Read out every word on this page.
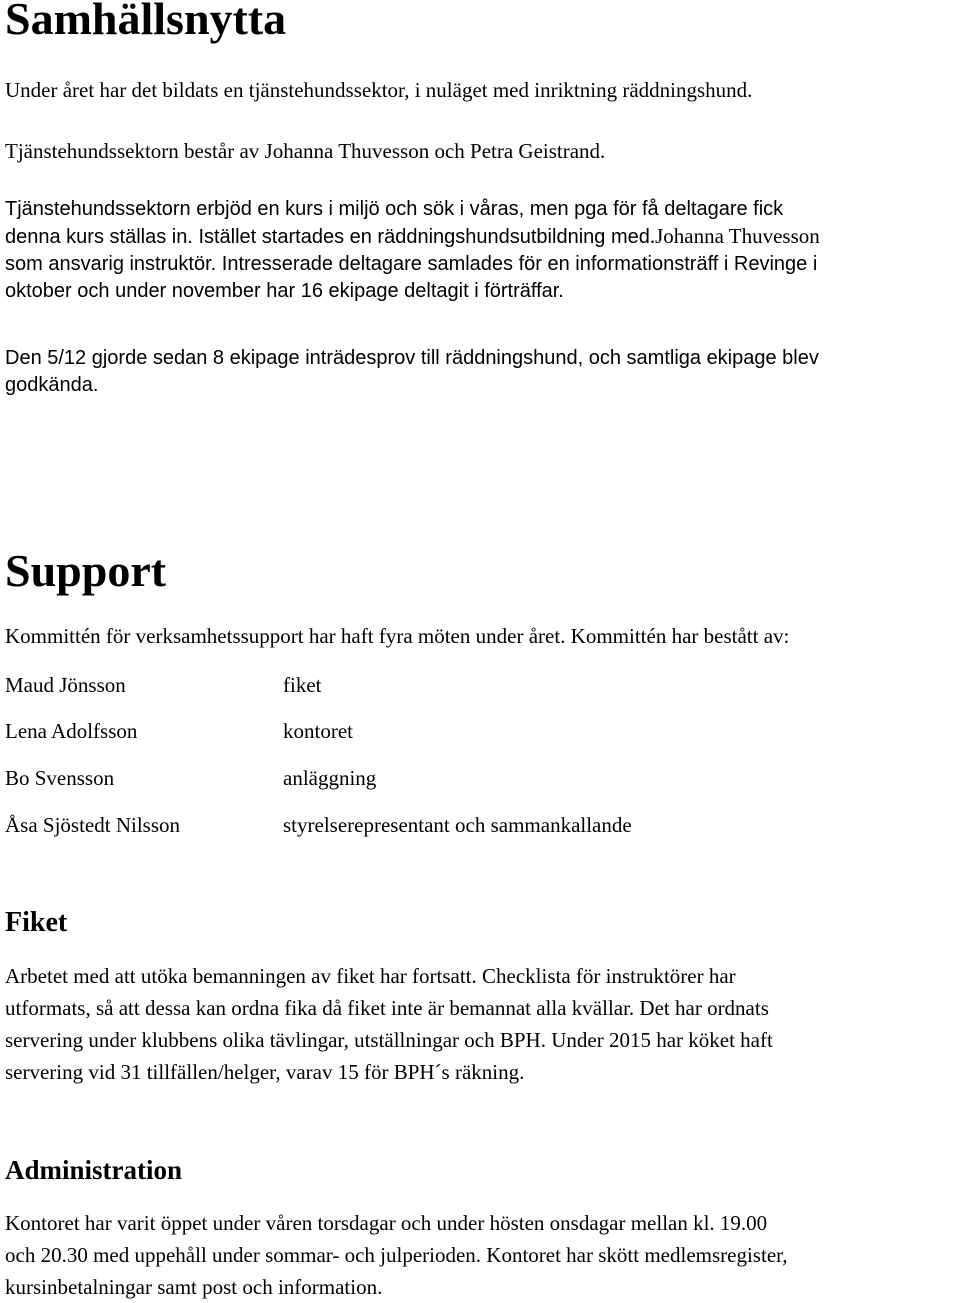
Samhällsnytta

Under året har det bildats en tjänstehundssektor, i nuläget med inriktning räddningshund.

Tjänstehundssektorn består av Johanna Thuvesson och Petra Geistrand.

Tjänstehundssektorn erbjöd en kurs i miljö och sök i våras, men pga för få deltagare fick
denna kurs ställas in. Istället startades en räddningshundsutbildning med.Johanna Thuvesson
som ansvarig instruktör. Intresserade deltagare samlades för en informationsträff i Revinge i
oktober och under november har 16 ekipage deltagit i förträffar.
Den 5/12 gjorde sedan 8 ekipage inträdesprov till räddningshund, och samtliga ekipage blev
godkända.
Support

Kommittén för verksamhetssupport har haft fyra möten under året. Kommittén har bestått av:

Maud Jönsson	fiket
Lena Adolfsson	kontoret
Bo Svensson	anläggning
Åsa Sjöstedt Nilsson	styrelserepresentant och sammankallande
Fiket
Arbetet med att utöka bemanningen av fiket har fortsatt. Checklista för instruktörer har
utformats, så att dessa kan ordna fika då fiket inte är bemannat alla kvällar. Det har ordnats
servering under klubbens olika tävlingar, utställningar och BPH. Under 2015 har köket haft
servering vid 31 tillfällen/helger, varav 15 för BPH´s räkning.
Administration
Kontoret har varit öppet under våren torsdagar och under hösten onsdagar mellan kl. 19.00
och 20.30 med uppehåll under sommar- och julperioden. Kontoret har skött medlemsregister,
kursinbetalningar samt post och information.
